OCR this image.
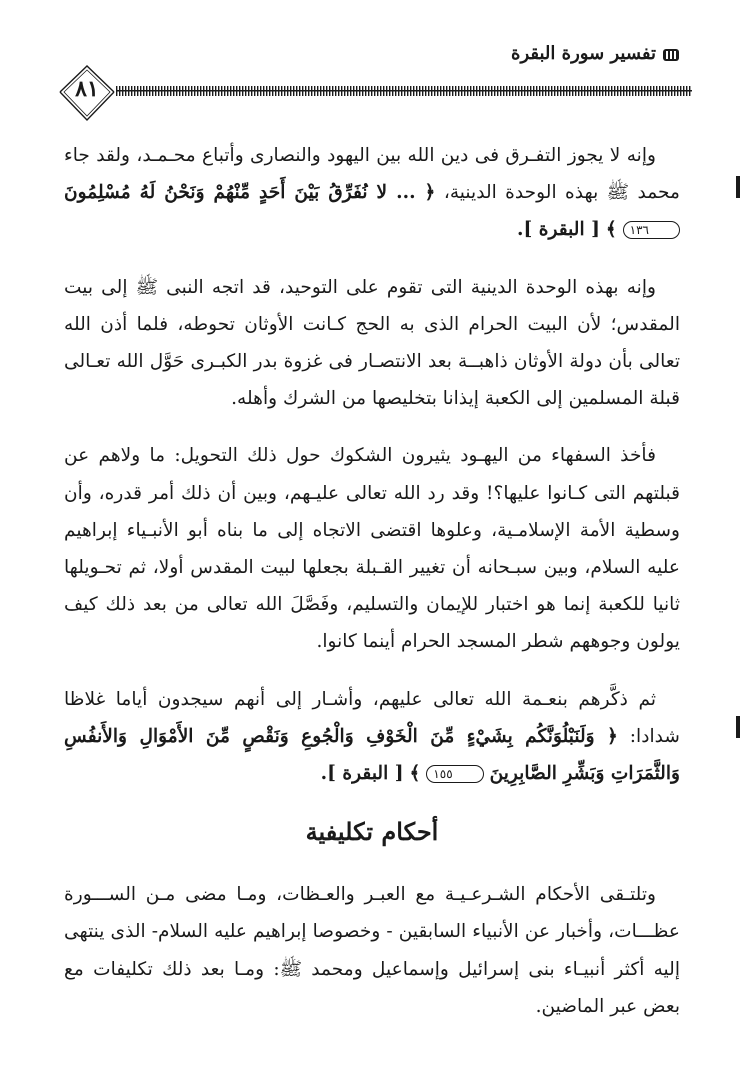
٨١
تفسير سورة البقرة

وإنه لا يجوز التفـرق فى دين الله بين اليهود والنصارى وأتباع محـمـد، ولقد جاء محمد ﷺ بهذه الوحدة الدينية، ﴿ ... لا نُفَرِّقُ بَيْنَ أَحَدٍ مِّنْهُمْ وَنَحْنُ لَهُ مُسْلِمُونَ ١٣٦ ﴾ [ البقرة ].

وإنه بهذه الوحدة الدينية التى تقوم على التوحيد، قد اتجه النبى ﷺ إلى بيت المقدس؛ لأن البيت الحرام الذى به الحج كـانت الأوثان تحوطه، فلما أذن الله تعالى بأن دولة الأوثان ذاهبــة بعد الانتصـار فى غزوة بدر الكبـرى حَوَّل الله تعـالى قبلة المسلمين إلى الكعبة إيذانا بتخليصها من الشرك وأهله.

فأخذ السفهاء من اليهـود يثيرون الشكوك حول ذلك التحويل: ما ولاهم عن قبلتهم التى كـانوا عليها؟! وقد رد الله تعالى عليـهم، وبين أن ذلك أمر قدره، وأن وسطية الأمة الإسلامـية، وعلوها اقتضى الاتجاه إلى ما بناه أبو الأنبـياء إبراهيم عليه السلام، وبين سبـحانه أن تغيير القـبلة بجعلها لبيت المقدس أولا، ثم تحـويلها ثانيا للكعبة إنما هو اختبار للإيمان والتسليم، وفَصَّلَ الله تعالى من بعد ذلك كيف يولون وجوههم شطر المسجد الحرام أينما كانوا.

ثم ذكَّرهم بنعـمة الله تعالى عليهم، وأشـار إلى أنهم سيجدون أياما غلاظا شدادا: ﴿ وَلَنَبْلُوَنَّكُم بِشَيْءٍ مِّنَ الْخَوْفِ وَالْجُوعِ وَنَقْصٍ مِّنَ الأَمْوَالِ وَالأَنفُسِ وَالثَّمَرَاتِ وَبَشِّرِ الصَّابِرِينَ ١٥٥ ﴾ [ البقرة ].

أحكام تكليفية

وتلتـقى الأحكام الشـرعـيـة مع العبـر والعـظات، ومـا مضى مـن الســـورة عظـــات، وأخبار عن الأنبياء السابقين - وخصوصا إبراهيم عليه السلام- الذى ينتهى إليه أكثر أنبيـاء بنى إسرائيل وإسماعيل ومحمد ﷺ: ومـا بعد ذلك تكليفات مع بعض عبر الماضين.
